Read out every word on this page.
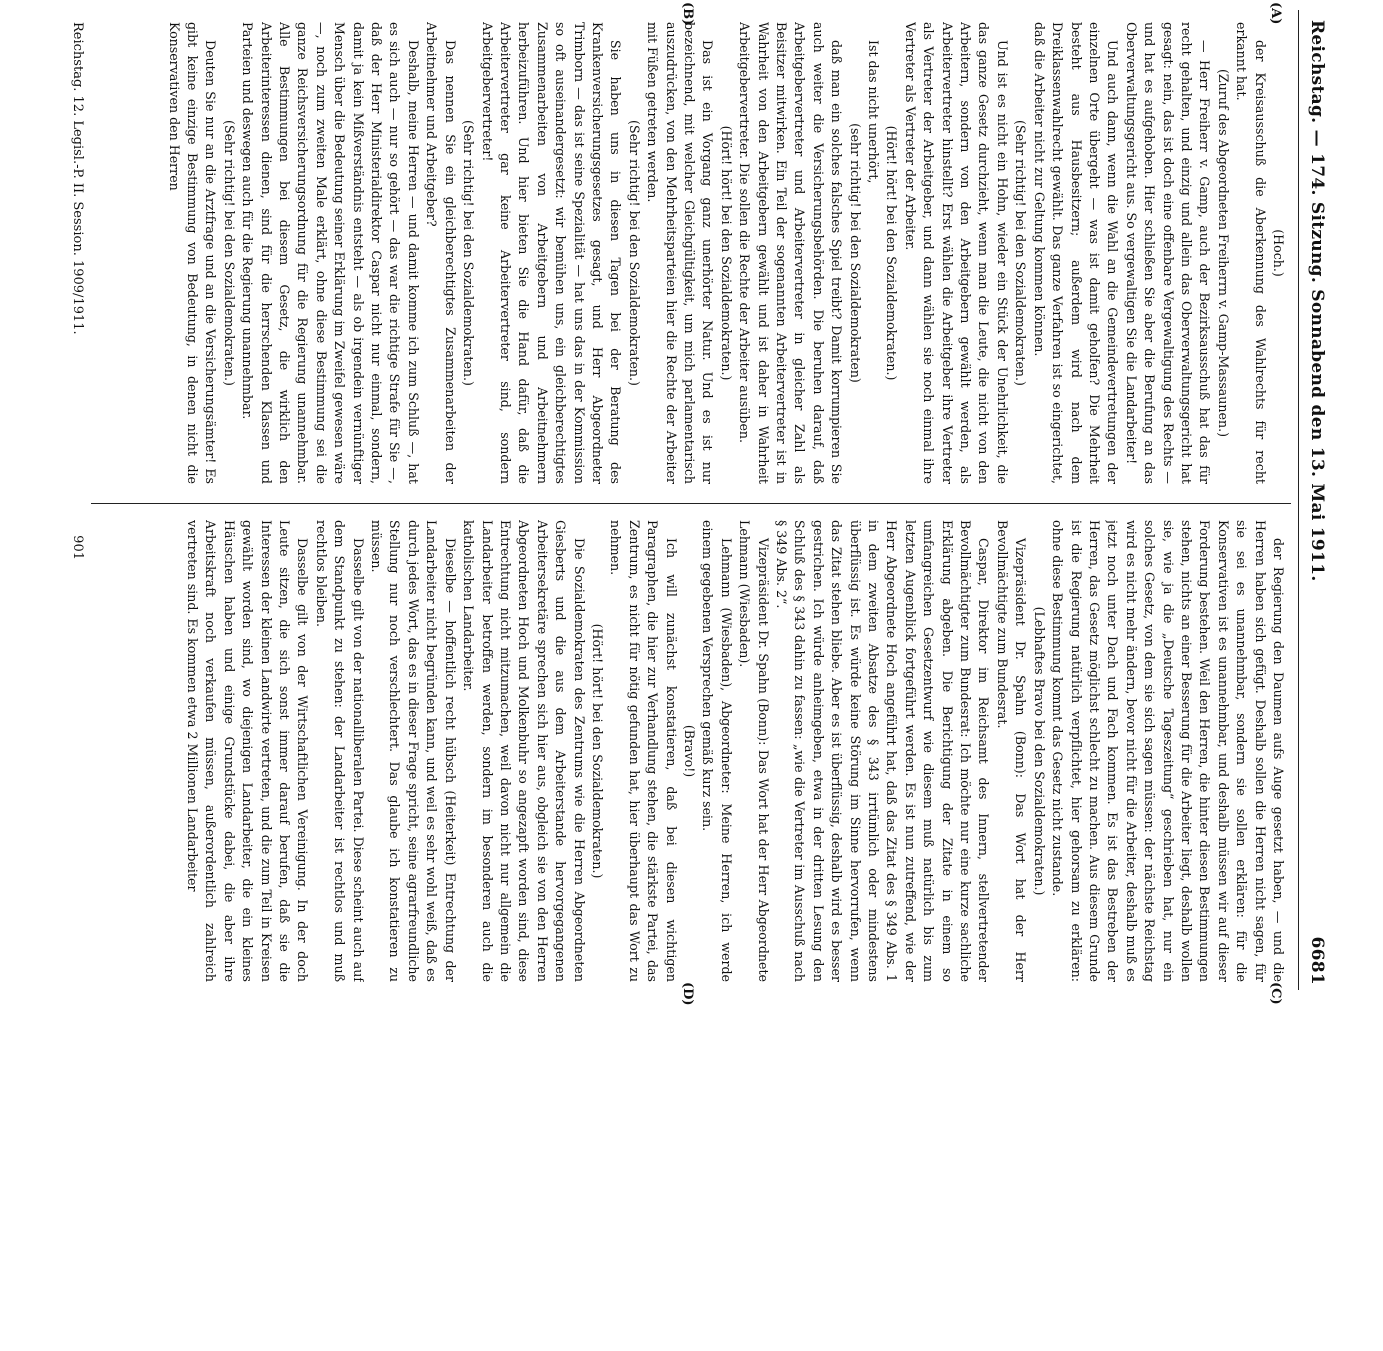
Reichstag. — 174. Sitzung. Sonnabend den 13. Mai 1911.
6681
(A)
(B)
(C)
(D)

(Hoch.)

der Kreisausschuß die Aberkennung des Wahlrechts für recht erkannt hat.

(Zuruf des Abgeordneten Freiherrn v. Gamp-Massaunen.)

— Herr Freiherr v. Gamp, auch der Bezirksausschuß hat das für recht gehalten, und einzig und allein das Oberverwaltungsgericht hat gesagt: nein, das ist doch eine offenbare Vergewaltigung des Rechts — und hat es aufgehoben. Hier schließen Sie aber die Berufung an das Oberverwaltungsgericht aus. So vergewaltigen Sie die Landarbeiter!

Und auch dann, wenn die Wahl an die Gemeindevertretungen der einzelnen Orte übergeht — was ist damit geholfen? Die Mehrheit besteht aus Hausbesitzern; außerdem wird nach dem Dreiklassenwahlrecht gewählt. Das ganze Verfahren ist so eingerichtet, daß die Arbeiter nicht zur Geltung kommen können.

(Sehr richtig! bei den Sozialdemokraten.)

Und ist es nicht ein Hohn, wieder ein Stück der Unehrlichkeit, die das ganze Gesetz durchzieht, wenn man die Leute, die nicht von den Arbeitern, sondern von den Arbeitgebern gewählt werden, als Arbeitervertreter hinstellt? Erst wählen die Arbeitgeber ihre Vertreter als Vertreter der Arbeitgeber, und dann wählen sie noch einmal ihre Vertreter als Vertreter der Arbeiter.

(Hört! hört! bei den Sozialdemokraten.)

Ist das nicht unerhört,

(sehr richtig! bei den Sozialdemokraten)

daß man ein solches falsches Spiel treibt? Damit korrumpieren Sie auch weiter die Versicherungsbehörden. Die beruhen darauf, daß Arbeitgebervertreter und Arbeitervertreter in gleicher Zahl als Beisitzer mitwirken. Ein Teil der sogenannten Arbeitervertreter ist in Wahrheit von den Arbeitgebern gewählt und ist daher in Wahrheit Arbeitgebervertreter. Die sollen die Rechte der Arbeiter ausüben.

(Hört! hört! bei den Sozialdemokraten.)

Das ist ein Vorgang ganz unerhörter Natur. Und es ist nur bezeichnend, mit welcher Gleichgültigkeit, um mich parlamentarisch auszudrücken, von den Mehrheitsparteien hier die Rechte der Arbeiter mit Füßen getreten werden.

(Sehr richtig! bei den Sozialdemokraten.)

Sie haben uns in diesen Tagen bei der Beratung des Krankenversicherungsgesetzes gesagt, und Herr Abgeordneter Trimborn — das ist seine Spezialität — hat uns das in der Kommission so oft auseinandergesetzt: wir bemühen uns, ein gleichberechtigtes Zusammenarbeiten von Arbeitgebern und Arbeitnehmern herbeizuführen. Und hier bieten Sie die Hand dafür, daß die Arbeitervertreter gar keine Arbeitervertreter sind, sondern Arbeitgebervertreter!

(Sehr richtig! bei den Sozialdemokraten.)

Das nennen Sie ein gleichberechtigtes Zusammenarbeiten der Arbeitnehmer und Arbeitgeber?

Deshalb, meine Herren — und damit komme ich zum Schluß —, hat es sich auch — nur so gehört — das war die richtige Strafe für Sie —, daß der Herr Ministerialdirektor Caspar nicht nur einmal, sondern, damit ja kein Mißverständnis entsteht — als ob irgendein vernünftiger Mensch über die Bedeutung seiner Erklärung im Zweifel gewesen wäre —, noch zum zweiten Male erklärt, ohne diese Bestimmung sei die ganze Reichsversicherungsordnung für die Regierung unannehmbar. Alle Bestimmungen bei diesem Gesetz, die wirklich den Arbeiterinteressen dienen, sind für die herrschenden Klassen und Parteien und deswegen auch für die Regierung unannehmbar.

(Sehr richtig! bei den Sozialdemokraten.)

Deuten Sie nur an die Arztfrage und an die Versicherungsämter! Es gibt keine einzige Bestimmung von Bedeutung, in denen nicht die Konservativen den Herren

der Regierung den Daumen aufs Auge gesetzt haben, — und die Herren haben sich gefügt. Deshalb sollen die Herren nicht sagen, für sie sei es unannehmbar, sondern sie sollen erklären: für die Konservativen ist es unannehmbar, und deshalb müssen wir auf dieser Forderung bestehen. Weil den Herren, die hinter diesen Bestimmungen stehen, nichts an einer Besserung für die Arbeiter liegt, deshalb wollen sie, wie ja die „Deutsche Tageszeitung“ geschrieben hat, nur ein solches Gesetz, von dem sie sich sagen müssen: der nächste Reichstag wird es nicht mehr ändern, bevor nicht für die Arbeiter, deshalb muß es jetzt noch unter Dach und Fach kommen. Es ist das Bestreben der Herren, das Gesetz möglichst schlecht zu machen. Aus diesem Grunde ist die Regierung natürlich verpflichtet, hier gehorsam zu erklären: ohne diese Bestimmung kommt das Gesetz nicht zustande.

(Lebhaftes Bravo bei den Sozialdemokraten.)

Vizepräsident Dr. Spahn (Bonn): Das Wort hat der Herr Bevollmächtigte zum Bundesrat.

Caspar, Direktor im Reichsamt des Innern, stellvertretender Bevollmächtigter zum Bundesrat: Ich möchte nur eine kurze sachliche Erklärung abgeben. Die Berichtigung der Zitate in einem so umfangreichen Gesetzentwurf wie diesem muß natürlich bis zum letzten Augenblick fortgeführt werden. Es ist nun zutreffend, wie der Herr Abgeordnete Hoch angeführt hat, daß das Zitat des § 349 Abs. 1 in dem zweiten Absatze des § 343 irrtümlich oder mindestens überflüssig ist. Es würde keine Störung im Sinne hervorrufen, wenn das Zitat stehen bliebe. Aber es ist überflüssig, deshalb wird es besser gestrichen. Ich würde anheimgeben, etwa in der dritten Lesung den Schluß des § 343 dahin zu fassen: „wie die Vertreter im Ausschuß nach § 349 Abs. 2“.

Vizepräsident Dr. Spahn (Bonn): Das Wort hat der Herr Abgeordnete Lehmann (Wiesbaden).

Lehmann (Wiesbaden), Abgeordneter: Meine Herren, ich werde einem gegebenen Versprechen gemäß kurz sein.

(Bravo!)

Ich will zunächst konstatieren, daß bei diesen wichtigen Paragraphen, die hier zur Verhandlung stehen, die stärkste Partei, das Zentrum, es nicht für nötig gefunden hat, hier überhaupt das Wort zu nehmen.

(Hört! hört! bei den Sozialdemokraten.)

Die Sozialdemokraten des Zentrums wie die Herren Abgeordneten Giesberts und die aus dem Arbeiterstande hervorgegangenen Arbeitersekretäre sprechen sich hier aus, obgleich sie von den Herren Abgeordneten Hoch und Molkenbuhr so angezapft worden sind, diese Entrechtung nicht mitzumachen, weil davon nicht nur allgemein die Landarbeiter betroffen werden, sondern im besonderen auch die katholischen Landarbeiter.

Dieselbe — hoffentlich recht hübsch (Heiterkeit) Entrechtung der Landarbeiter nicht begründen kann, und weil es sehr wohl weiß, daß es durch jedes Wort, das es in dieser Frage spricht, seine agrarfreundliche Stellung nur noch verschlechtert. Das glaube ich konstatieren zu müssen.

Dasselbe gilt von der nationalliberalen Partei. Diese scheint auch auf dem Standpunkt zu stehen: der Landarbeiter ist rechtlos und muß rechtlos bleiben.

Dasselbe gilt von der Wirtschaftlichen Vereinigung. In der doch Leute sitzen, die sich sonst immer darauf berufen, daß sie die Interessen der kleinen Landwirte vertreten, und die zum Teil in Kreisen gewählt worden sind, wo diejenigen Landarbeiter, die ein kleines Häuschen haben und einige Grundstücke dabei, die aber ihre Arbeitskraft noch verkaufen müssen, außerordentlich zahlreich vertreten sind. Es kommen etwa 2 Millionen Landarbeiter

Reichstag. 12. Legisl.-P. II. Session. 1909/1911.
901
